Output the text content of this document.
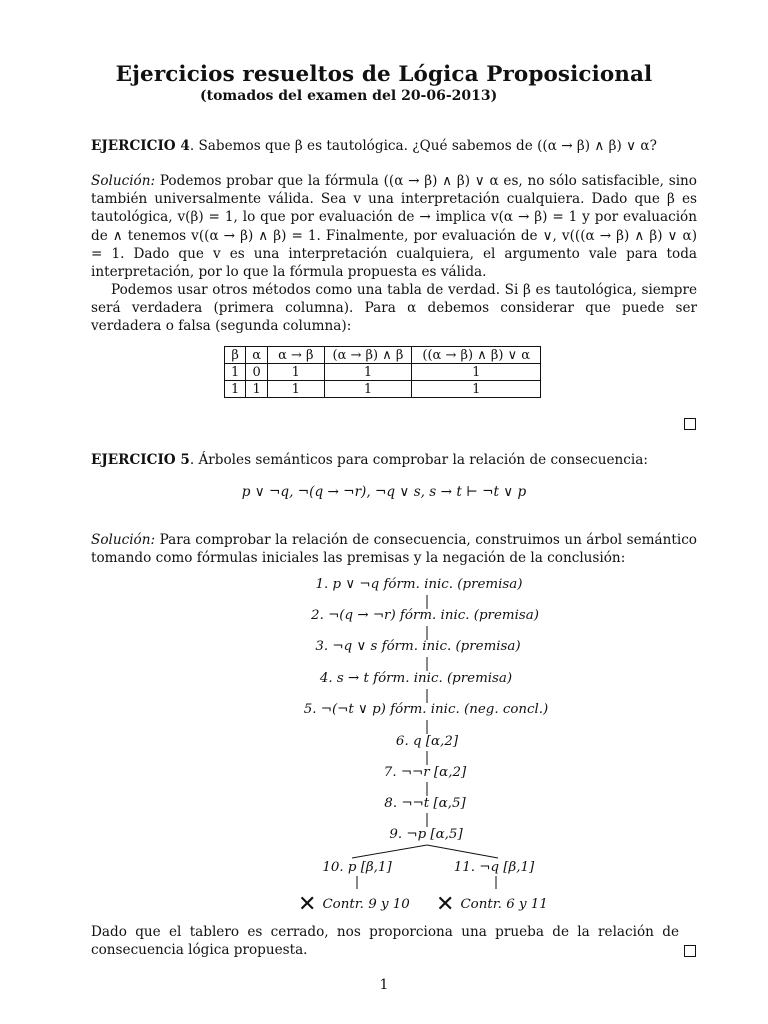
Ejercicios resueltos de Lógica Proposicional
(tomados del examen del 20-06-2013)
EJERCICIO 4. Sabemos que β es tautológica. ¿Qué sabemos de ((α → β) ∧ β) ∨ α?
Solución: Podemos probar que la fórmula ((α → β) ∧ β) ∨ α es, no sólo satisfacible, sino también universalmente válida. Sea v una interpretación cualquiera. Dado que β es tautológica, v(β) = 1, lo que por evaluación de → implica v(α → β) = 1 y por evaluación de ∧ tenemos v((α → β) ∧ β) = 1. Finalmente, por evaluación de ∨, v(((α → β) ∧ β) ∨ α) = 1. Dado que v es una interpretación cualquiera, el argumento vale para toda interpretación, por lo que la fórmula propuesta es válida.
Podemos usar otros métodos como una tabla de verdad. Si β es tautológica, siempre será verdadera (primera columna). Para α debemos considerar que puede ser verdadera o falsa (segunda columna):
β	α	α → β	(α → β) ∧ β	((α → β) ∧ β) ∨ α
1	0	1	1	1
1	1	1	1	1
EJERCICIO 5. Árboles semánticos para comprobar la relación de consecuencia:
p ∨ ¬q, ¬(q → ¬r), ¬q ∨ s, s → t ⊢ ¬t ∨ p
Solución: Para comprobar la relación de consecuencia, construimos un árbol semántico tomando como fórmulas iniciales las premisas y la negación de la conclusión:
1. p ∨ ¬q fórm. inic. (premisa)
2. ¬(q → ¬r) fórm. inic. (premisa)
3. ¬q ∨ s fórm. inic. (premisa)
4. s → t fórm. inic. (premisa)
5. ¬(¬t ∨ p) fórm. inic. (neg. concl.)
6. q [α,2]
7. ¬¬r [α,2]
8. ¬¬t [α,5]
9. ¬p [α,5]
10. p [β,1]	11. ¬q [β,1]
✕ Contr. 9 y 10 ✕ Contr. 6 y 11
Dado que el tablero es cerrado, nos proporciona una prueba de la relación de consecuencia lógica propuesta.
1
